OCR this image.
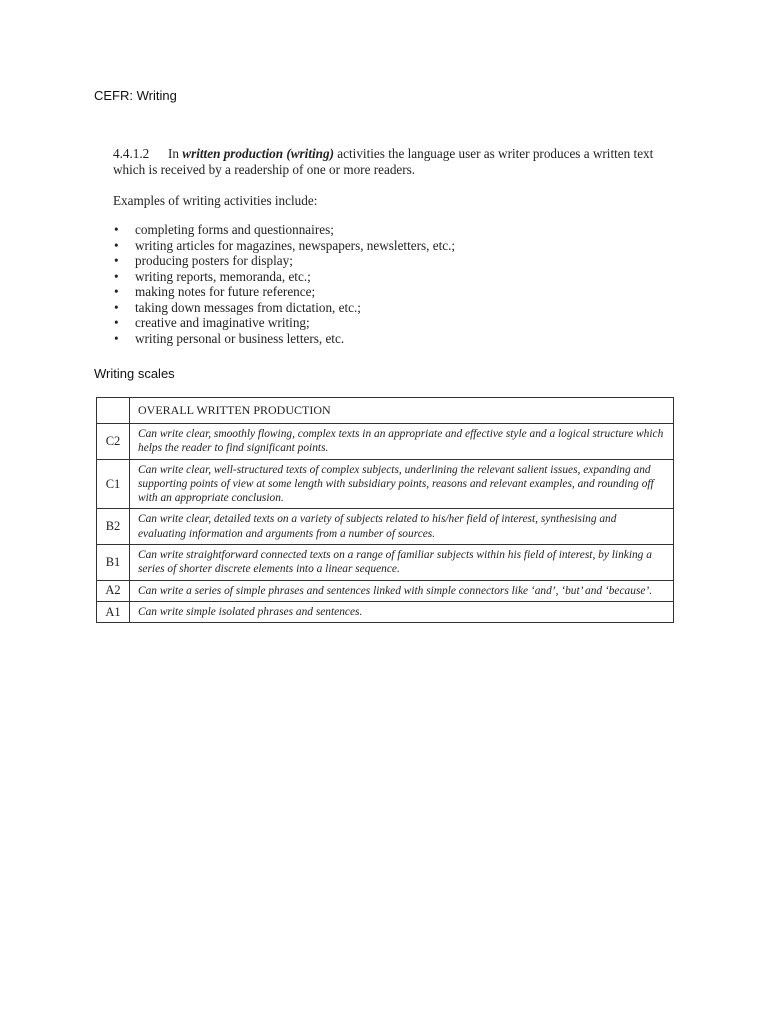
CEFR: Writing
4.4.1.2 In written production (writing) activities the language user as writer produces a written text which is received by a readership of one or more readers.
Examples of writing activities include:
• completing forms and questionnaires;
• writing articles for magazines, newspapers, newsletters, etc.;
• producing posters for display;
• writing reports, memoranda, etc.;
• making notes for future reference;
• taking down messages from dictation, etc.;
• creative and imaginative writing;
• writing personal or business letters, etc.
Writing scales
	OVERALL WRITTEN PRODUCTION
C2	Can write clear, smoothly flowing, complex texts in an appropriate and effective style and a logical structure which helps the reader to find significant points.
C1	Can write clear, well-structured texts of complex subjects, underlining the relevant salient issues, expanding and supporting points of view at some length with subsidiary points, reasons and relevant examples, and rounding off with an appropriate conclusion.
B2	Can write clear, detailed texts on a variety of subjects related to his/her field of interest, synthesising and evaluating information and arguments from a number of sources.
B1	Can write straightforward connected texts on a range of familiar subjects within his field of interest, by linking a series of shorter discrete elements into a linear sequence.
A2	Can write a series of simple phrases and sentences linked with simple connectors like ‘and’, ‘but’ and ‘because’.
A1	Can write simple isolated phrases and sentences.
